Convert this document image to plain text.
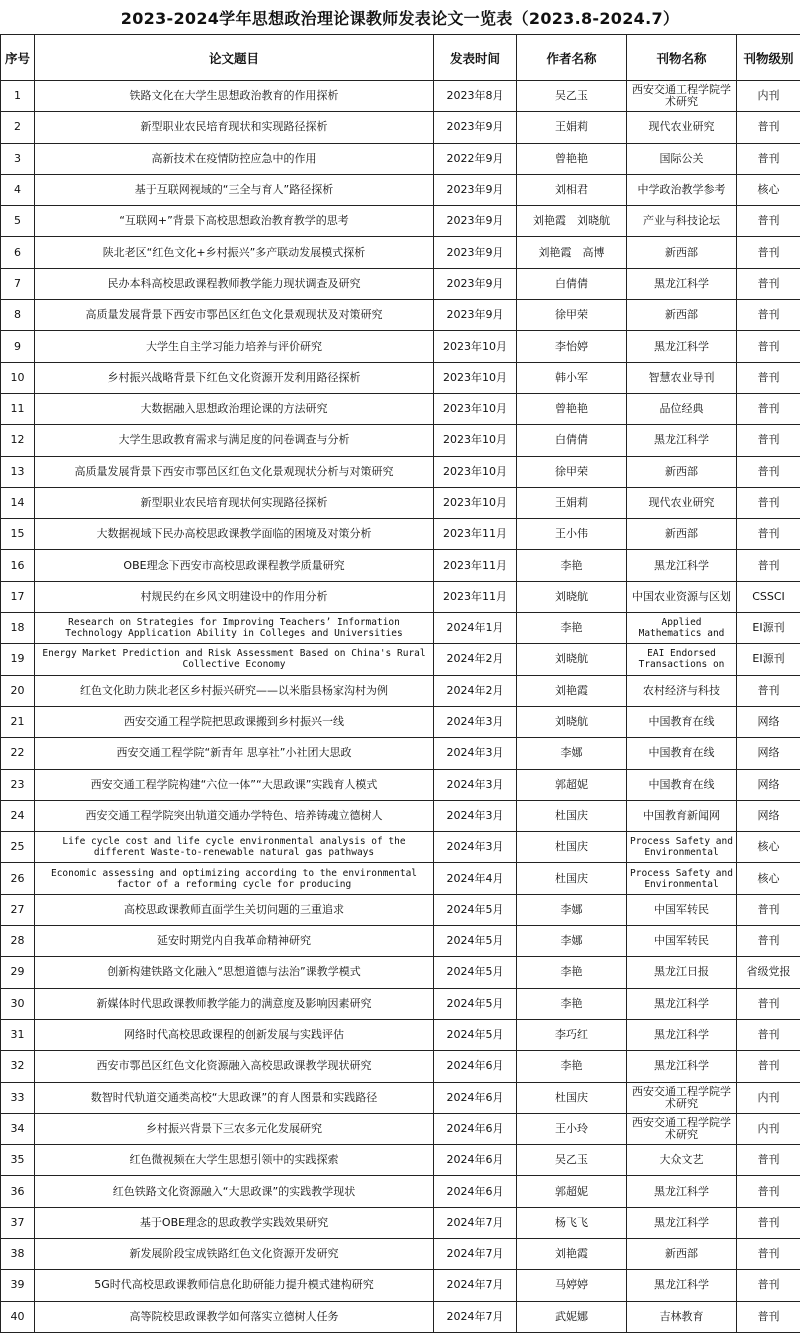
2023-2024学年思想政治理论课教师发表论文一览表（2023.8-2024.7）
序号	论文题目	发表时间	作者名称	刊物名称	刊物级别
1	铁路文化在大学生思想政治教育的作用探析	2023年8月	吴乙玉	西安交通工程学院学术研究	内刊
2	新型职业农民培育现状和实现路径探析	2023年9月	王娟莉	现代农业研究	普刊
3	高新技术在疫情防控应急中的作用	2022年9月	曾艳艳	国际公关	普刊
4	基于互联网视域的“三全与育人”路径探析	2023年9月	刘相君	中学政治教学参考	核心
5	“互联网+”背景下高校思想政治教育教学的思考	2023年9月	刘艳霞　刘晓航	产业与科技论坛	普刊
6	陕北老区“红色文化+乡村振兴”多产联动发展模式探析	2023年9月	刘艳霞　高博	新西部	普刊
7	民办本科高校思政课程教师教学能力现状调查及研究	2023年9月	白倩倩	黑龙江科学	普刊
8	高质量发展背景下西安市鄠邑区红色文化景观现状及对策研究	2023年9月	徐甲荣	新西部	普刊
9	大学生自主学习能力培养与评价研究	2023年10月	李怡婷	黑龙江科学	普刊
10	乡村振兴战略背景下红色文化资源开发利用路径探析	2023年10月	韩小军	智慧农业导刊	普刊
11	大数据融入思想政治理论课的方法研究	2023年10月	曾艳艳	品位经典	普刊
12	大学生思政教育需求与满足度的问卷调查与分析	2023年10月	白倩倩	黑龙江科学	普刊
13	高质量发展背景下西安市鄠邑区红色文化景观现状分析与对策研究	2023年10月	徐甲荣	新西部	普刊
14	新型职业农民培育现状何实现路径探析	2023年10月	王娟莉	现代农业研究	普刊
15	大数据视域下民办高校思政课教学面临的困境及对策分析	2023年11月	王小伟	新西部	普刊
16	OBE理念下西安市高校思政课程教学质量研究	2023年11月	李艳	黑龙江科学	普刊
17	村规民约在乡风文明建设中的作用分析	2023年11月	刘晓航	中国农业资源与区划	CSSCI
18	Research on Strategies for Improving Teachers’ Information Technology Application Ability in Colleges and Universities	2024年1月	李艳	Applied Mathematics and	EI源刊
19	Energy Market Prediction and Risk Assessment Based on China's Rural Collective Economy	2024年2月	刘晓航	EAI Endorsed Transactions on	EI源刊
20	红色文化助力陕北老区乡村振兴研究——以米脂县杨家沟村为例	2024年2月	刘艳霞	农村经济与科技	普刊
21	西安交通工程学院把思政课搬到乡村振兴一线	2024年3月	刘晓航	中国教育在线	网络
22	西安交通工程学院“新青年 思享社”小社团大思政	2024年3月	李娜	中国教育在线	网络
23	西安交通工程学院构建“六位一体”“大思政课”实践育人模式	2024年3月	郭超妮	中国教育在线	网络
24	西安交通工程学院突出轨道交通办学特色、培养铸魂立德树人	2024年3月	杜国庆	中国教育新闻网	网络
25	Life cycle cost and life cycle environmental analysis of the different Waste-to-renewable natural gas pathways	2024年3月	杜国庆	Process Safety and Environmental	核心
26	Economic assessing and optimizing according to the environmental factor of a reforming cycle for producing	2024年4月	杜国庆	Process Safety and Environmental	核心
27	高校思政课教师直面学生关切问题的三重追求	2024年5月	李娜	中国军转民	普刊
28	延安时期党内自我革命精神研究	2024年5月	李娜	中国军转民	普刊
29	创新构建铁路文化融入“思想道德与法治”课教学模式	2024年5月	李艳	黑龙江日报	省级党报
30	新媒体时代思政课教师教学能力的满意度及影响因素研究	2024年5月	李艳	黑龙江科学	普刊
31	网络时代高校思政课程的创新发展与实践评估	2024年5月	李巧红	黑龙江科学	普刊
32	西安市鄠邑区红色文化资源融入高校思政课教学现状研究	2024年6月	李艳	黑龙江科学	普刊
33	数智时代轨道交通类高校“大思政课”的育人图景和实践路径	2024年6月	杜国庆	西安交通工程学院学术研究	内刊
34	乡村振兴背景下三农多元化发展研究	2024年6月	王小玲	西安交通工程学院学术研究	内刊
35	红色微视频在大学生思想引领中的实践探索	2024年6月	吴乙玉	大众文艺	普刊
36	红色铁路文化资源融入“大思政课”的实践教学现状	2024年6月	郭超妮	黑龙江科学	普刊
37	基于OBE理念的思政教学实践效果研究	2024年7月	杨飞飞	黑龙江科学	普刊
38	新发展阶段宝成铁路红色文化资源开发研究	2024年7月	刘艳霞	新西部	普刊
39	5G时代高校思政课教师信息化助研能力提升模式建构研究	2024年7月	马婷婷	黑龙江科学	普刊
40	高等院校思政课教学如何落实立德树人任务	2024年7月	武妮娜	吉林教育	普刊
